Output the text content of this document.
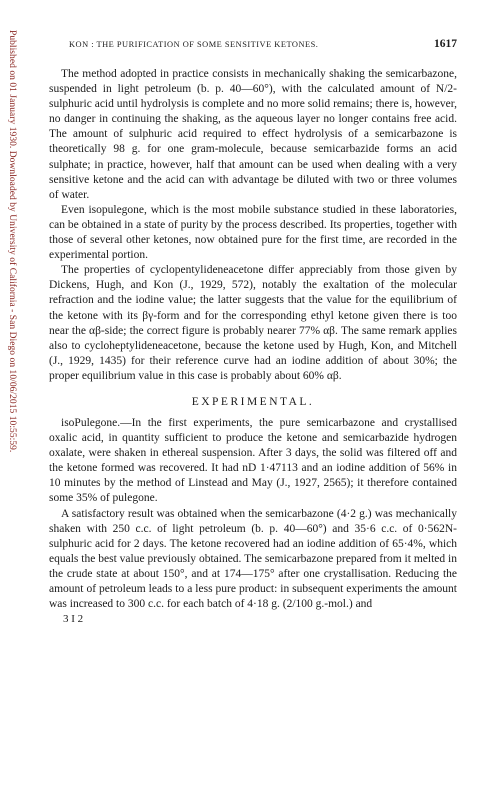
Published on 01 January 1930. Downloaded by University of California - San Diego on 10/06/2015 10:55:59.	KON : THE PURIFICATION OF SOME SENSITIVE KETONES.	1617

The method adopted in practice consists in mechanically shaking the semicarbazone, suspended in light petroleum (b. p. 40—60°), with the calculated amount of N/2-sulphuric acid until hydrolysis is complete and no more solid remains; there is, however, no danger in continuing the shaking, as the aqueous layer no longer contains free acid. The amount of sulphuric acid required to effect hydrolysis of a semicarbazone is theoretically 98 g. for one gram-molecule, because semicarbazide forms an acid sulphate; in practice, however, half that amount can be used when dealing with a very sensitive ketone and the acid can with advantage be diluted with two or three volumes of water.

Even isopulegone, which is the most mobile substance studied in these laboratories, can be obtained in a state of purity by the process described. Its properties, together with those of several other ketones, now obtained pure for the first time, are recorded in the experimental portion.

The properties of cyclopentylideneacetone differ appreciably from those given by Dickens, Hugh, and Kon (J., 1929, 572), notably the exaltation of the molecular refraction and the iodine value; the latter suggests that the value for the equilibrium of the ketone with its βγ-form and for the corresponding ethyl ketone given there is too near the αβ-side; the correct figure is probably nearer 77% αβ. The same remark applies also to cycloheptylideneacetone, because the ketone used by Hugh, Kon, and Mitchell (J., 1929, 1435) for their reference curve had an iodine addition of about 30%; the proper equilibrium value in this case is probably about 60% αβ.

EXPERIMENTAL.

isoPulegone.—In the first experiments, the pure semicarbazone and crystallised oxalic acid, in quantity sufficient to produce the ketone and semicarbazide hydrogen oxalate, were shaken in ethereal suspension. After 3 days, the solid was filtered off and the ketone formed was recovered. It had nD 1·47113 and an iodine addition of 56% in 10 minutes by the method of Linstead and May (J., 1927, 2565); it therefore contained some 35% of pulegone.

A satisfactory result was obtained when the semicarbazone (4·2 g.) was mechanically shaken with 250 c.c. of light petroleum (b. p. 40—60°) and 35·6 c.c. of 0·562N-sulphuric acid for 2 days. The ketone recovered had an iodine addition of 65·4%, which equals the best value previously obtained. The semicarbazone prepared from it melted in the crude state at about 150°, and at 174—175° after one crystallisation. Reducing the amount of petroleum leads to a less pure product: in subsequent experiments the amount was increased to 300 c.c. for each batch of 4·18 g. (2/100 g.-mol.) and

3 I 2
